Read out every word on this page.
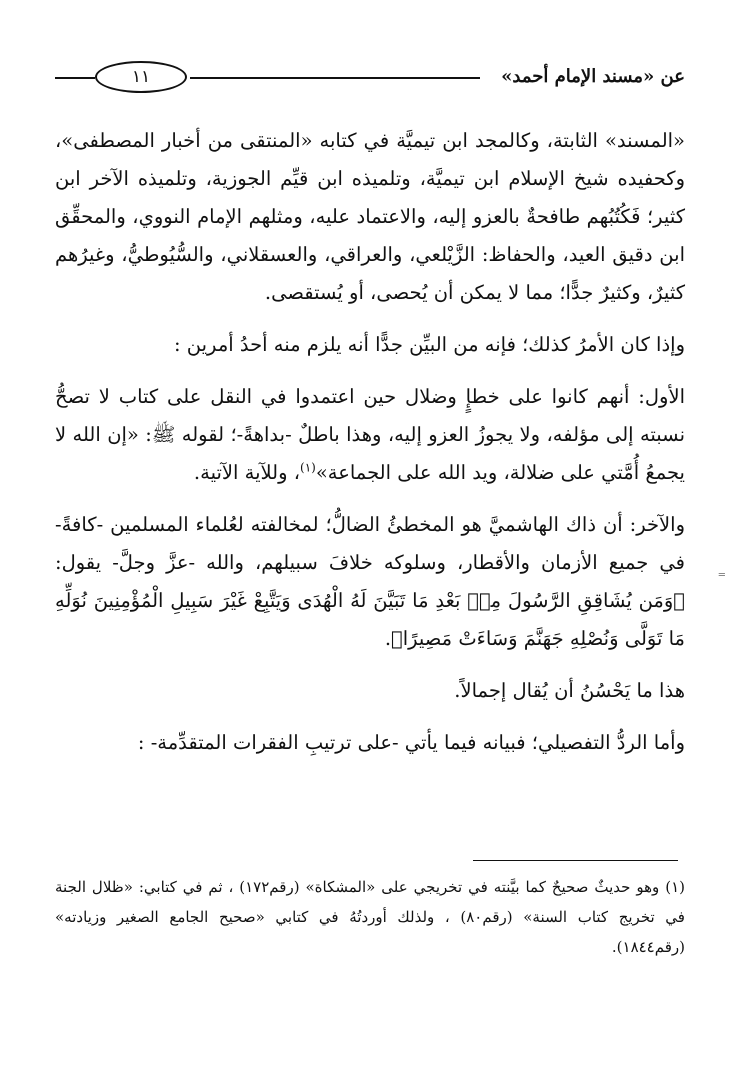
عن «مسند الإمام أحمد»
١١

«المسند» الثابتة، وكالمجد ابن تيميَّة في كتابه «المنتقى من أخبار المصطفى»، وكحفيده شيخ الإسلام ابن تيميَّة، وتلميذه ابن قيِّم الجوزية، وتلميذه الآخر ابن كثير؛ فَكُتُبُهم طافحةٌ بالعزو إليه، والاعتماد عليه، ومثلهم الإمام النووي، والمحقِّق ابن دقيق العيد، والحفاظ: الزَّيْلعي، والعراقي، والعسقلاني، والسُّيُوطيُّ، وغيرُهم كثيرٌ، وكثيرٌ جدًّا؛ مما لا يمكن أن يُحصى، أو يُستقصى.

وإذا كان الأمرُ كذلك؛ فإنه من البيِّن جدًّا أنه يلزم منه أحدُ أمرين :

الأول: أنهم كانوا على خطإٍ وضلال حين اعتمدوا في النقل على كتاب لا تصحُّ نسبته إلى مؤلفه، ولا يجوزُ العزو إليه، وهذا باطلٌ -بداهةً-؛ لقوله ﷺ: «إن الله لا يجمعُ أُمَّتي على ضلالة، ويد الله على الجماعة»$^{(١)}$، وللآية الآتية.

والآخر: أن ذاك الهاشميَّ هو المخطئُ الضالُّ؛ لمخالفته لعُلماء المسلمين -كافةً- في جميع الأزمان والأقطار، وسلوكه خلافَ سبيلهم، والله -عزَّ وجلَّ- يقول: ﴿وَمَن يُشَاقِقِ الرَّسُولَ مِنۢ بَعْدِ مَا تَبَيَّنَ لَهُ الْهُدَى وَيَتَّبِعْ غَيْرَ سَبِيلِ الْمُؤْمِنِينَ نُوَلِّهِ مَا تَوَلَّى وَنُصْلِهِ جَهَنَّمَ وَسَاءَتْ مَصِيرًا﴾.

هذا ما يَحْسُنُ أن يُقال إجمالاً.

وأما الردُّ التفصيلي؛ فبيانه فيما يأتي -على ترتيبِ الفقرات المتقدِّمة- :

(١) وهو حديثٌ صحيحٌ كما بيَّنته في تخريجي على «المشكاة» (رقم١٧٢) ، ثم في كتابي: «ظلال الجنة في تخريج كتاب السنة» (رقم٨٠) ، ولذلك أوردتُهُ في كتابي «صحيح الجامع الصغير وزيادته» (رقم١٨٤٤).

=
